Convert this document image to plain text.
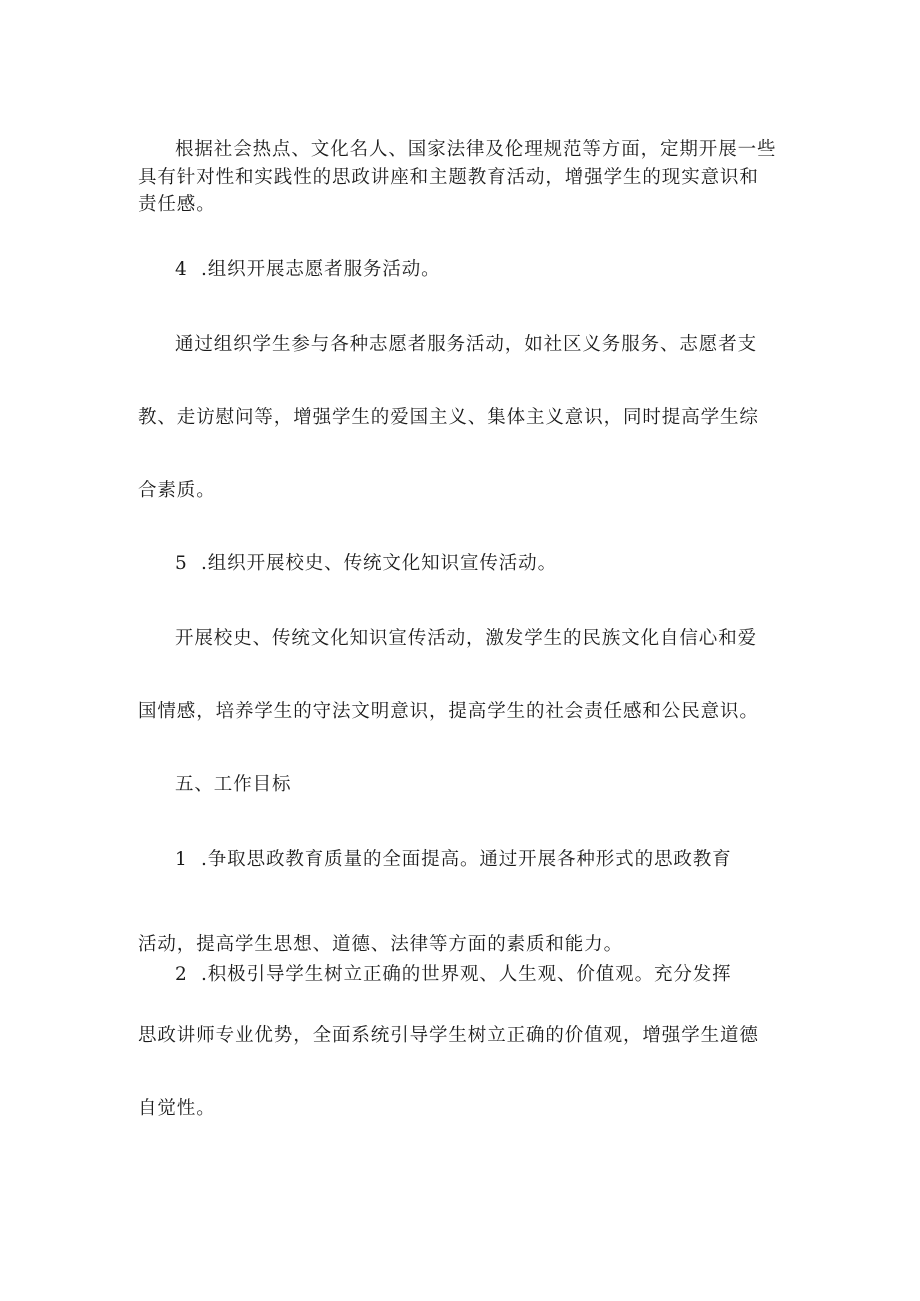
根据社会热点、文化名人、国家法律及伦理规范等方面，定期开展一些

具有针对性和实践性的思政讲座和主题教育活动，增强学生的现实意识和

责任感。

4 .组织开展志愿者服务活动。

通过组织学生参与各种志愿者服务活动，如社区义务服务、志愿者支

教、走访慰问等，增强学生的爱国主义、集体主义意识，同时提高学生综

合素质。

5 .组织开展校史、传统文化知识宣传活动。

开展校史、传统文化知识宣传活动，激发学生的民族文化自信心和爱

国情感，培养学生的守法文明意识，提高学生的社会责任感和公民意识。

五、工作目标

1 .争取思政教育质量的全面提高。通过开展各种形式的思政教育

活动，提高学生思想、道德、法律等方面的素质和能力。

2 .积极引导学生树立正确的世界观、人生观、价值观。充分发挥

思政讲师专业优势，全面系统引导学生树立正确的价值观，增强学生道德

自觉性。
